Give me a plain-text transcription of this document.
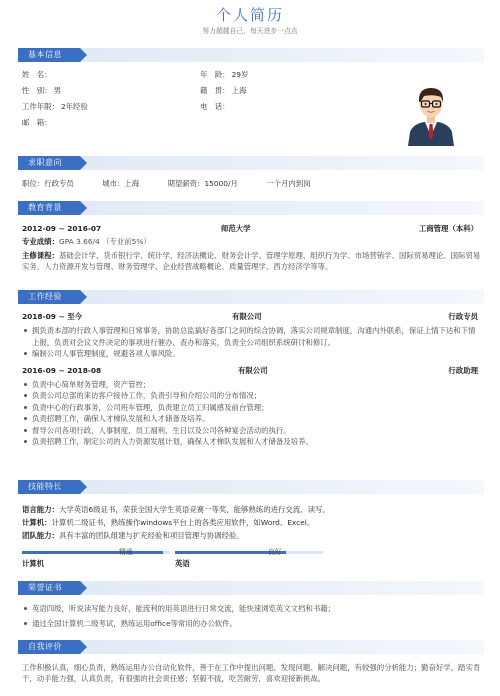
个人简历
努力超越自己，每天进步一点点
基本信息
姓　名：	年　龄： 29岁
性　别： 男	籍　贯： 上海
工作年限： 2年经验	电　话：
邮　箱：
求职意向
职位：行政专员	城市：上海	期望薪资：15000/月	一个月内到岗
教育背景
2012-09 ~ 2016-07	师范大学	工商管理（本科）
专业成绩：GPA 3.66/4 （专业前5%）
主修课程：基础会计学、货币银行学、统计学、经济法概论、财务会计学、管理学原理、组织行为学、市场营销学、国际贸易理论、国际贸易实务、人力资源开发与管理、财务管理学、企业经营战略概论、质量管理学、西方经济学等等。
工作经验
2018-09 ~ 至今	有限公司	行政专员
拥负责本部的行政人事管理和日常事务，协助总监搞好各部门之间的综合协调，落实公司规章制度，沟通内外联系，保证上情下达和下情上报，负责对会议文件决定的事项进行催办、查办和落实，负责全公司组织系统研讨和修订。
编制公司人事管理制度，规避各项人事风险。
2016-09 ~ 2018-08	有限公司	行政助理
负责中心简单财务管理，资产管控；
负责公司总部的来访客户接待工作，负责引导和介绍公司的分布情况；
负责中心的行政事务，公司班车管理，负责建立员工归属感及前台管理；
负责招聘工作，确保人才梯队发展和人才储备及培养。
督导公司各项行政、人事制度，员工福利、生日以及公司各种宴会活动的执行。
负责招聘工作，制定公司的人力资源发展计划，确保人才梯队发展和人才储备及培养。
技能特长
语言能力：大学英语6级证书，荣获全国大学生英语竞赛一等奖，能够熟练的进行交流、读写。
计算机：计算机二级证书，熟练操作windows平台上的各类应用软件，如Word、Excel。
团队能力：具有丰富的团队组建与扩充经验和项目管理与协调经验。
精通
计算机
良好
英语
荣誉证书
英语四级，听说读写能力良好，能流利的用英语进行日常交流，能快速浏览英文文档和书籍；
通过全国计算机二级考试，熟练运用office等常用的办公软件。
自我评价
工作积极认真，细心负责，熟练运用办公自动化软件，善于在工作中提出问题、发现问题、解决问题，有较强的分析能力；勤奋好学，踏实肯干，动手能力强，认真负责，有很强的社会责任感；坚毅不拔，吃苦耐劳，喜欢迎接新挑战。
